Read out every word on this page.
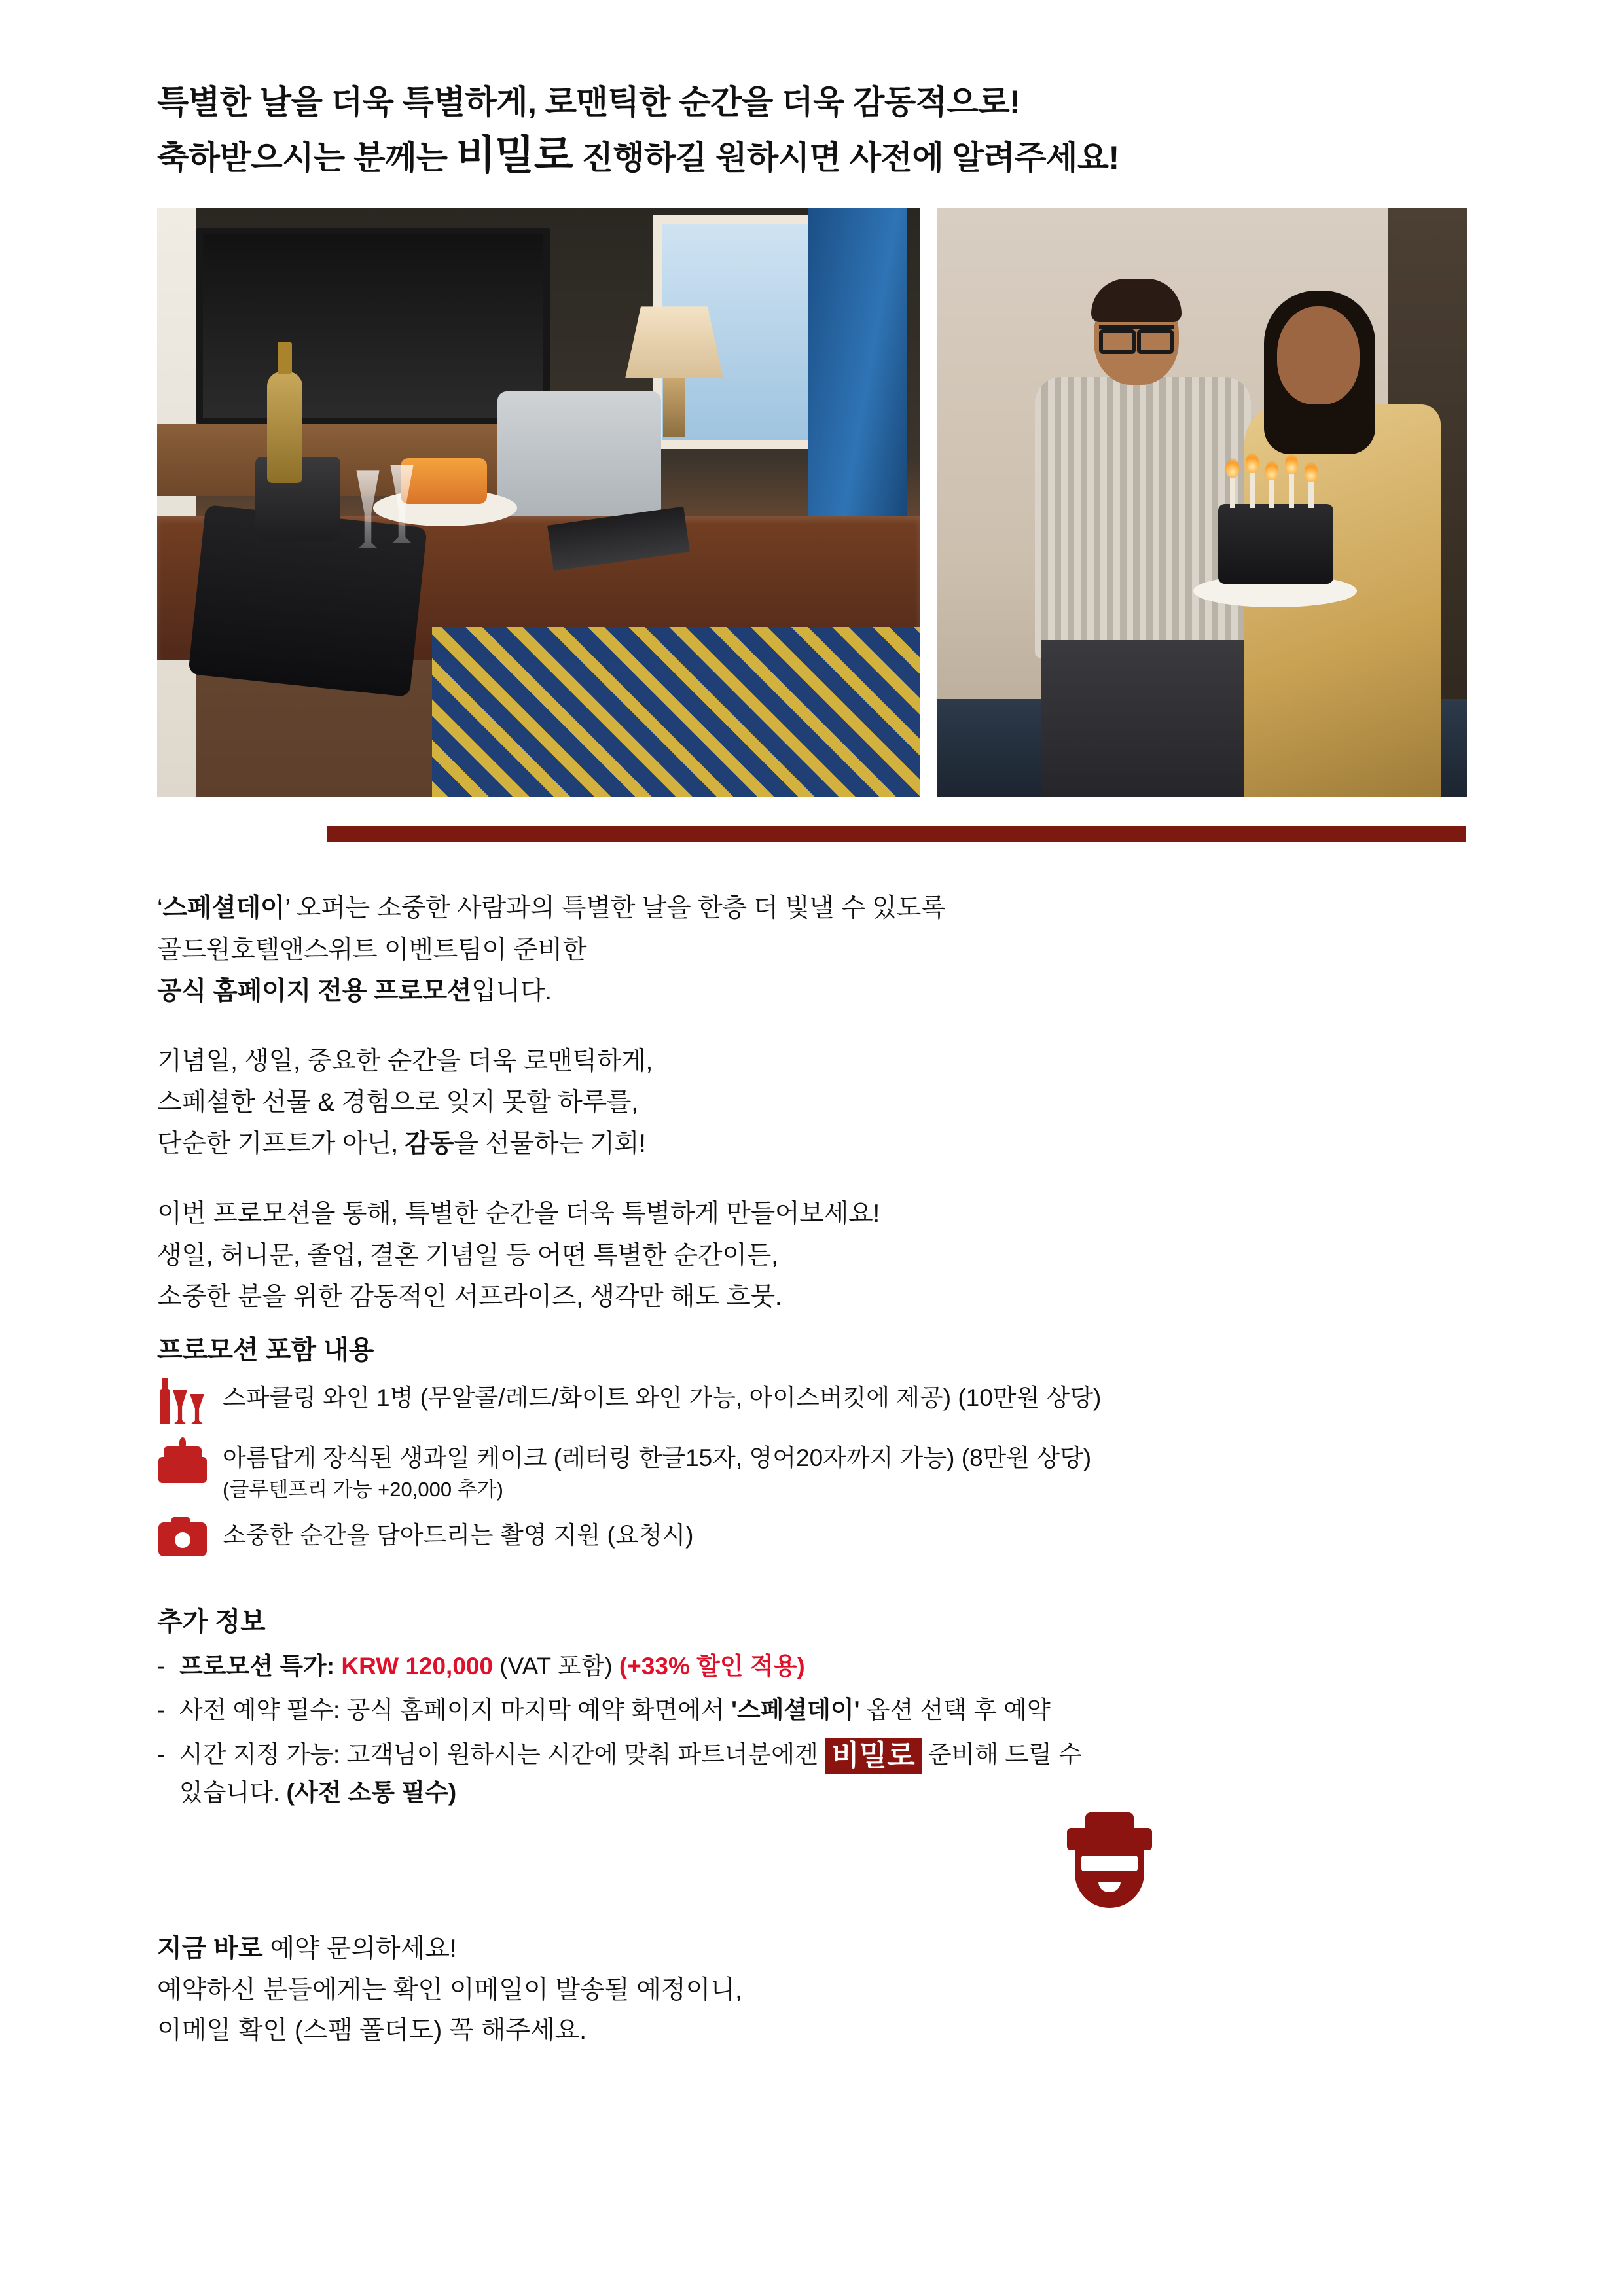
특별한 날을 더욱 특별하게, 로맨틱한 순간을 더욱 감동적으로!
축하받으시는 분께는 비밀로 진행하길 원하시면 사전에 알려주세요!
‘스페셜데이’ 오퍼는 소중한 사람과의 특별한 날을 한층 더 빛낼 수 있도록
골드원호텔앤스위트 이벤트팀이 준비한
공식 홈페이지 전용 프로모션입니다.
기념일, 생일, 중요한 순간을 더욱 로맨틱하게,
스페셜한 선물 & 경험으로 잊지 못할 하루를,
단순한 기프트가 아닌, 감동을 선물하는 기회!
이번 프로모션을 통해, 특별한 순간을 더욱 특별하게 만들어보세요!
생일, 허니문, 졸업, 결혼 기념일 등 어떤 특별한 순간이든,
소중한 분을 위한 감동적인 서프라이즈, 생각만 해도 흐뭇.
프로모션 포함 내용
스파클링 와인 1병 (무알콜/레드/화이트 와인 가능, 아이스버킷에 제공) (10만원 상당)
아름답게 장식된 생과일 케이크 (레터링 한글15자, 영어20자까지 가능) (8만원 상당)
(글루텐프리 가능 +20,000 추가)
소중한 순간을 담아드리는 촬영 지원 (요청시)
추가 정보
- 프로모션 특가: KRW 120,000 (VAT 포함) (+33% 할인 적용)
- 사전 예약 필수: 공식 홈페이지 마지막 예약 화면에서 '스페셜데이' 옵션 선택 후 예약
- 시간 지정 가능: 고객님이 원하시는 시간에 맞춰 파트너분에겐 비밀로 준비해 드릴 수
있습니다. (사전 소통 필수)
지금 바로 예약 문의하세요!
예약하신 분들에게는 확인 이메일이 발송될 예정이니,
이메일 확인 (스팸 폴더도) 꼭 해주세요.
